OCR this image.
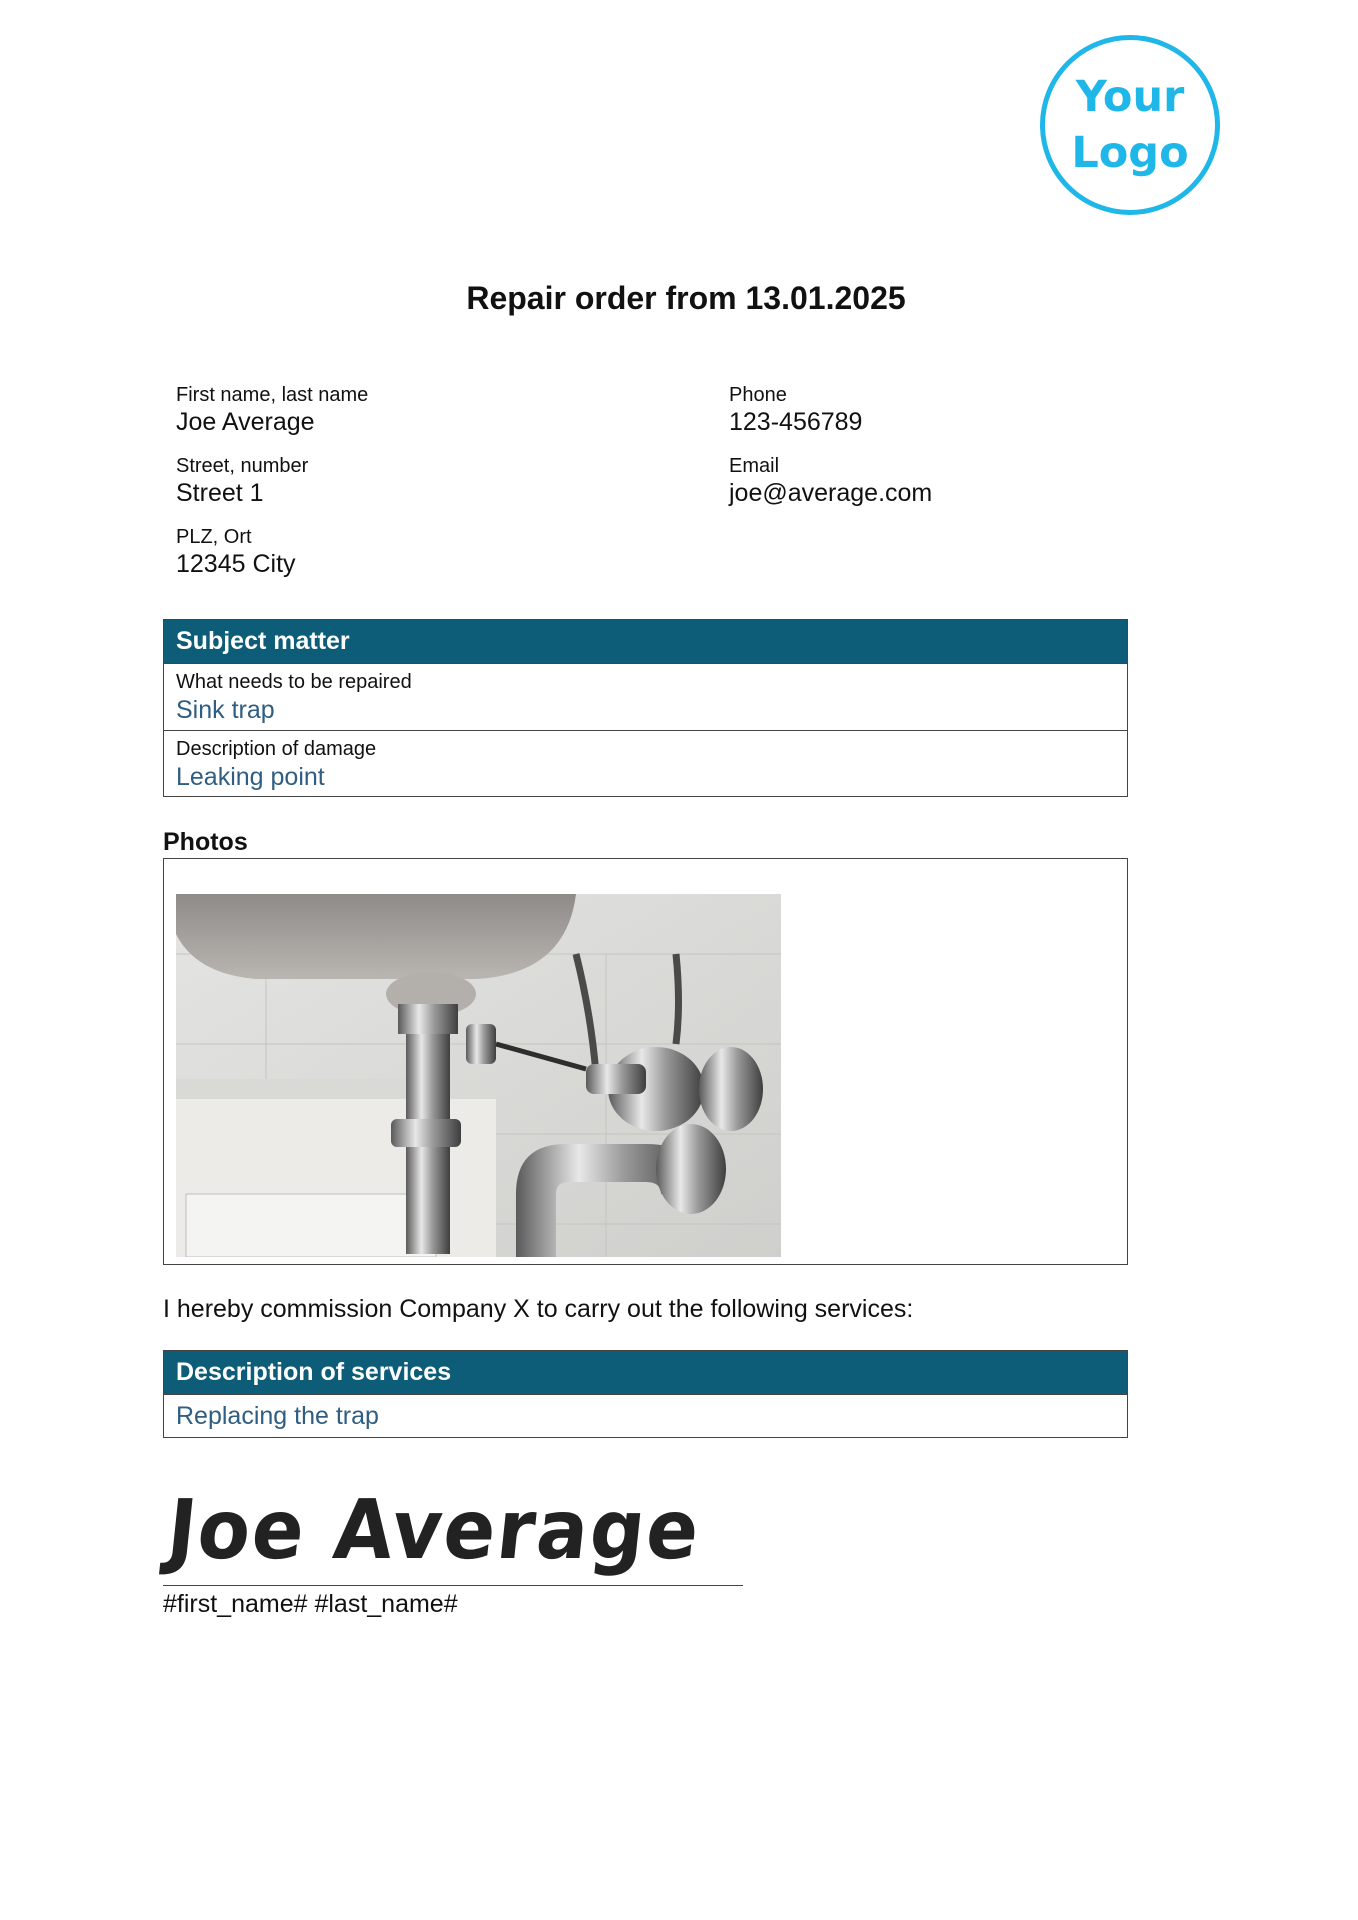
Your
Logo
Repair order from 13.01.2025
First name, last name
Joe Average
Street, number
Street 1
PLZ, Ort
12345 City
Phone
123-456789
Email
joe@average.com
Subject matter
What needs to be repaired
Sink trap
Description of damage
Leaking point
Photos
I hereby commission Company X to carry out the following services:
Description of services
Replacing the trap
Joe Average
#first_name# #last_name#
